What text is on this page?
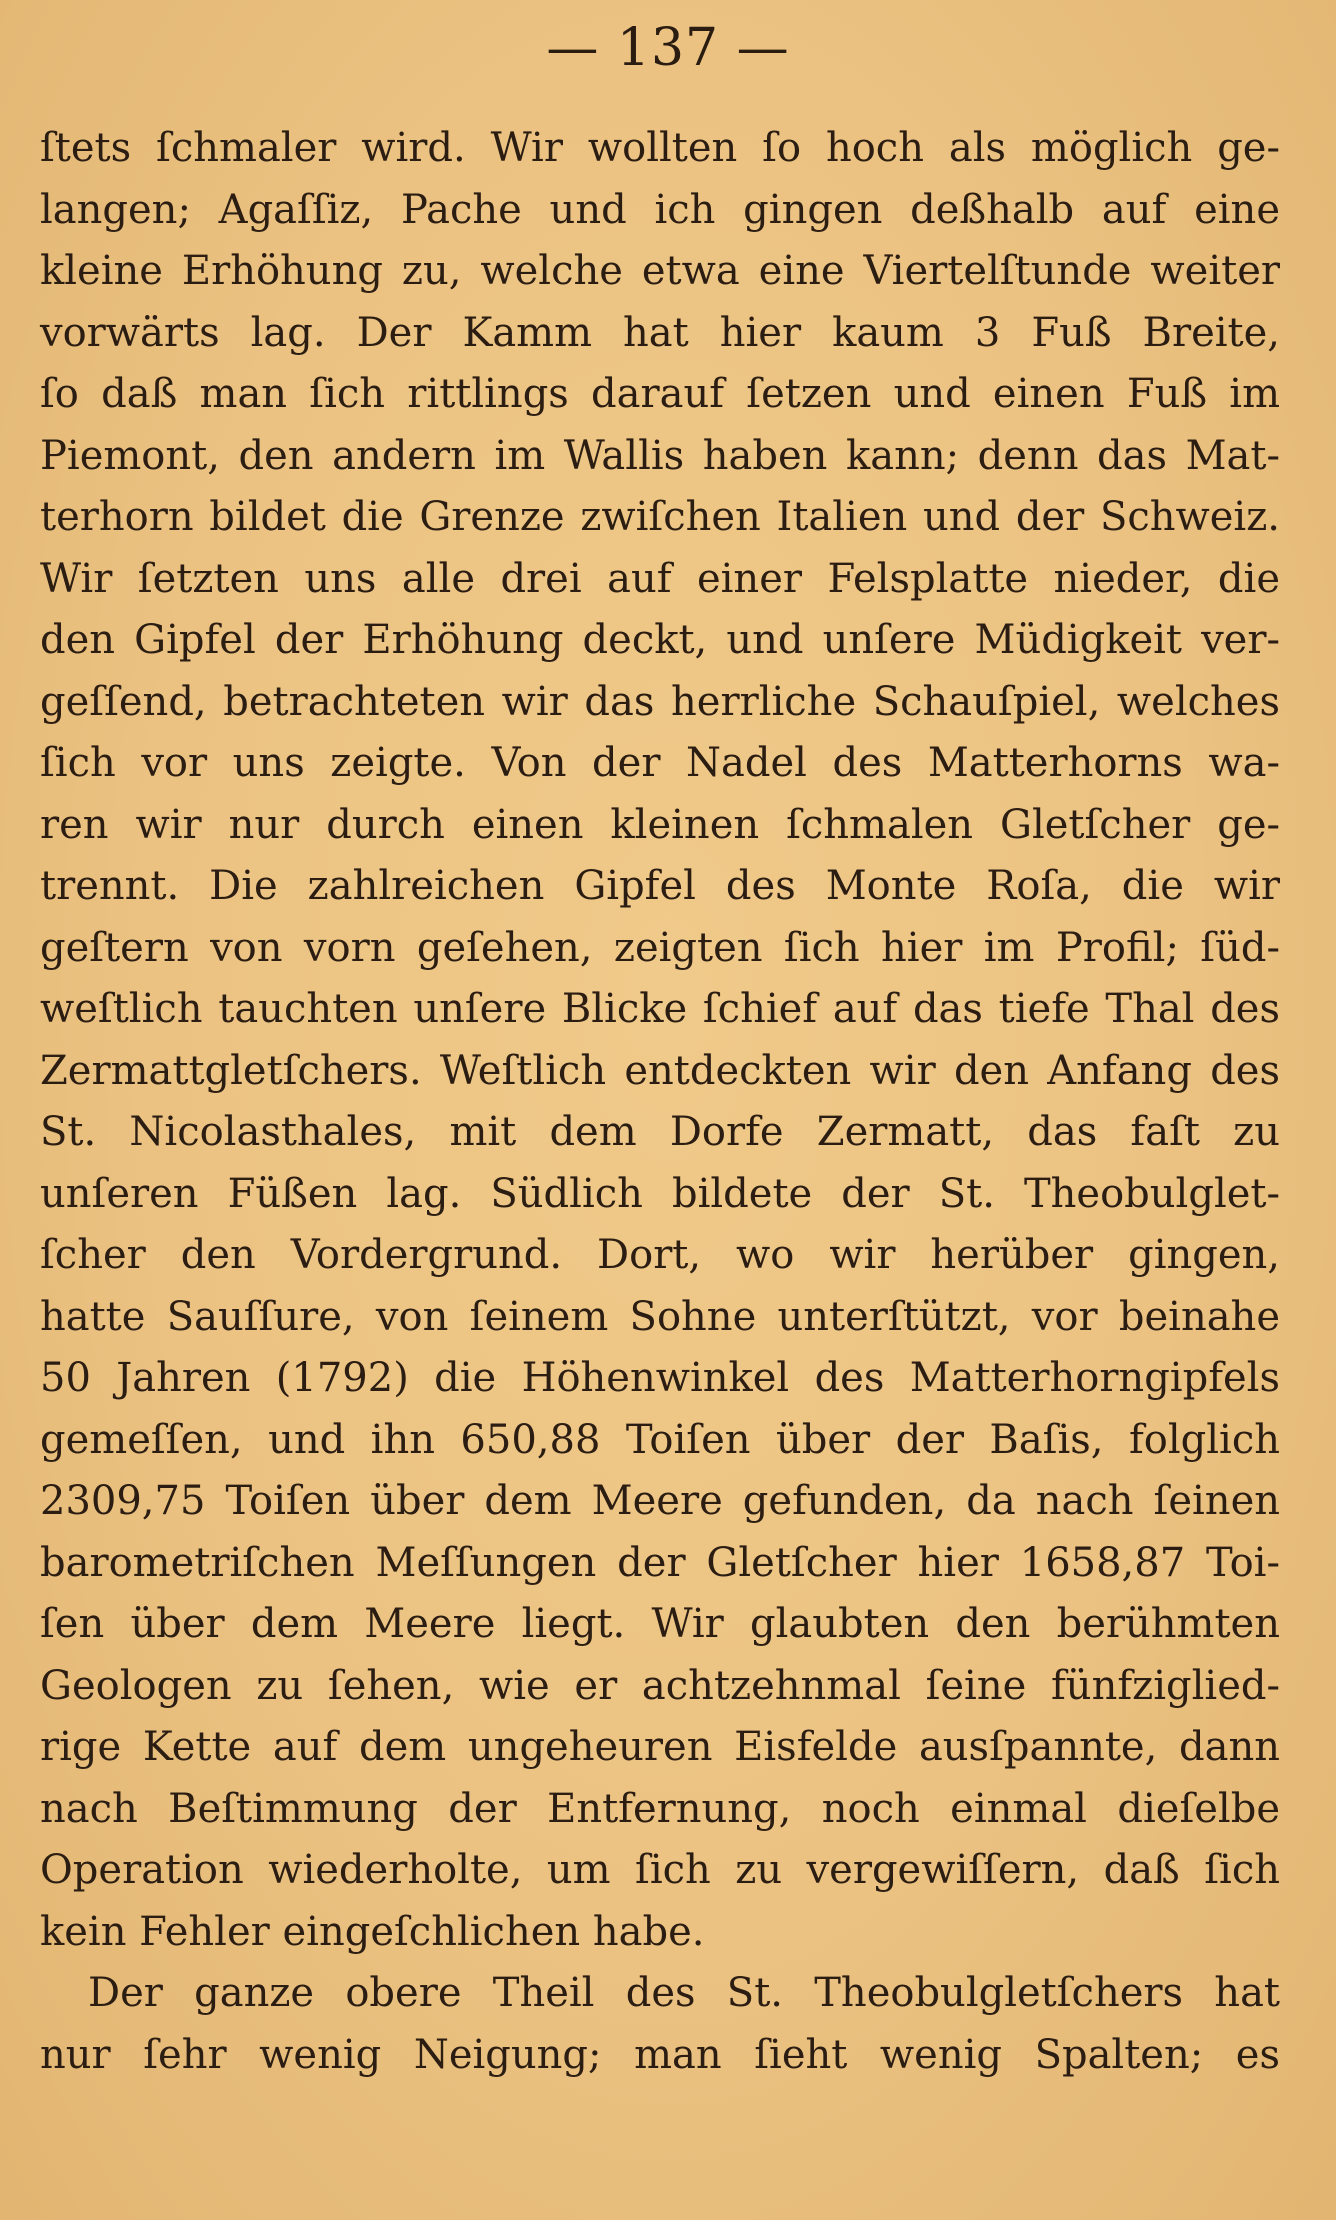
— 137 —
ſtets ſchmaler wird. Wir wollten ſo hoch als möglich ge-
langen; Agaſſiz, Pache und ich gingen deßhalb auf eine
kleine Erhöhung zu, welche etwa eine Viertelſtunde weiter
vorwärts lag. Der Kamm hat hier kaum 3 Fuß Breite,
ſo daß man ſich rittlings darauf ſetzen und einen Fuß im
Piemont, den andern im Wallis haben kann; denn das Mat-
terhorn bildet die Grenze zwiſchen Italien und der Schweiz.
Wir ſetzten uns alle drei auf einer Felsplatte nieder, die
den Gipfel der Erhöhung deckt, und unſere Müdigkeit ver-
geſſend, betrachteten wir das herrliche Schauſpiel, welches
ſich vor uns zeigte. Von der Nadel des Matterhorns wa-
ren wir nur durch einen kleinen ſchmalen Gletſcher ge-
trennt. Die zahlreichen Gipfel des Monte Roſa, die wir
geſtern von vorn geſehen, zeigten ſich hier im Profil; ſüd-
weſtlich tauchten unſere Blicke ſchief auf das tiefe Thal des
Zermattgletſchers. Weſtlich entdeckten wir den Anfang des
St. Nicolasthales, mit dem Dorfe Zermatt, das faſt zu
unſeren Füßen lag. Südlich bildete der St. Theobulglet-
ſcher den Vordergrund. Dort, wo wir herüber gingen,
hatte Sauſſure, von ſeinem Sohne unterſtützt, vor beinahe
50 Jahren (1792) die Höhenwinkel des Matterhorngipfels
gemeſſen, und ihn 650,88 Toiſen über der Baſis, folglich
2309,75 Toiſen über dem Meere gefunden, da nach ſeinen
barometriſchen Meſſungen der Gletſcher hier 1658,87 Toi-
ſen über dem Meere liegt. Wir glaubten den berühmten
Geologen zu ſehen, wie er achtzehnmal ſeine fünfziglied-
rige Kette auf dem ungeheuren Eisfelde ausſpannte, dann
nach Beſtimmung der Entfernung, noch einmal dieſelbe
Operation wiederholte, um ſich zu vergewiſſern, daß ſich
kein Fehler eingeſchlichen habe.
Der ganze obere Theil des St. Theobulgletſchers hat
nur ſehr wenig Neigung; man ſieht wenig Spalten; es
